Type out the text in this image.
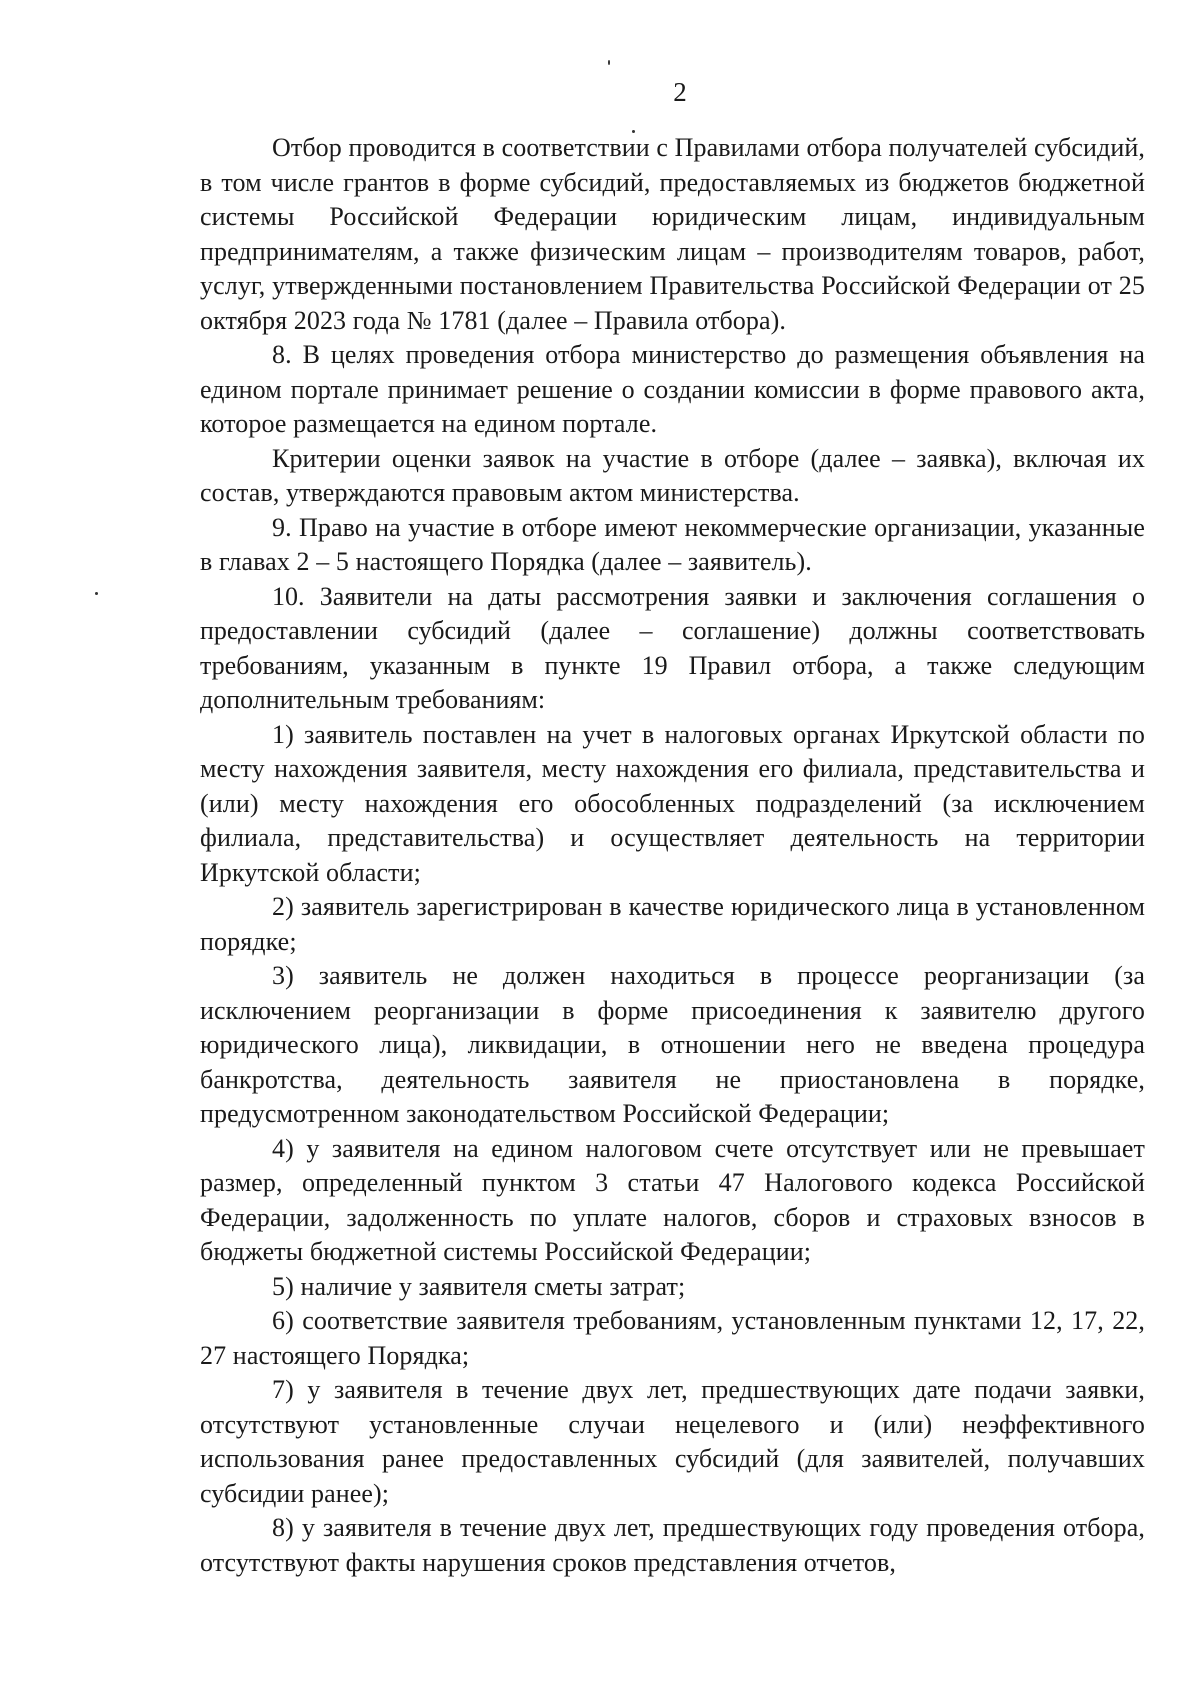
2

Отбор проводится в соответствии с Правилами отбора получателей субсидий, в том числе грантов в форме субсидий, предоставляемых из бюджетов бюджетной системы Российской Федерации юридическим лицам, индивидуальным предпринимателям, а также физическим лицам – производителям товаров, работ, услуг, утвержденными постановлением Правительства Российской Федерации от 25 октября 2023 года № 1781 (далее – Правила отбора).

8. В целях проведения отбора министерство до размещения объявления на едином портале принимает решение о создании комиссии в форме правового акта, которое размещается на едином портале.

Критерии оценки заявок на участие в отборе (далее – заявка), включая их состав, утверждаются правовым актом министерства.

9. Право на участие в отборе имеют некоммерческие организации, указанные в главах 2 – 5 настоящего Порядка (далее – заявитель).

10. Заявители на даты рассмотрения заявки и заключения соглашения о предоставлении субсидий (далее – соглашение) должны соответствовать требованиям, указанным в пункте 19 Правил отбора, а также следующим дополнительным требованиям:

1) заявитель поставлен на учет в налоговых органах Иркутской области по месту нахождения заявителя, месту нахождения его филиала, представительства и (или) месту нахождения его обособленных подразделений (за исключением филиала, представительства) и осуществляет деятельность на территории Иркутской области;

2) заявитель зарегистрирован в качестве юридического лица в установленном порядке;

3) заявитель не должен находиться в процессе реорганизации (за исключением реорганизации в форме присоединения к заявителю другого юридического лица), ликвидации, в отношении него не введена процедура банкротства, деятельность заявителя не приостановлена в порядке, предусмотренном законодательством Российской Федерации;

4) у заявителя на едином налоговом счете отсутствует или не превышает размер, определенный пунктом 3 статьи 47 Налогового кодекса Российской Федерации, задолженность по уплате налогов, сборов и страховых взносов в бюджеты бюджетной системы Российской Федерации;

5) наличие у заявителя сметы затрат;

6) соответствие заявителя требованиям, установленным пунктами 12, 17, 22, 27 настоящего Порядка;

7) у заявителя в течение двух лет, предшествующих дате подачи заявки, отсутствуют установленные случаи нецелевого и (или) неэффективного использования ранее предоставленных субсидий (для заявителей, получавших субсидии ранее);

8) у заявителя в течение двух лет, предшествующих году проведения отбора, отсутствуют факты нарушения сроков представления отчетов,
